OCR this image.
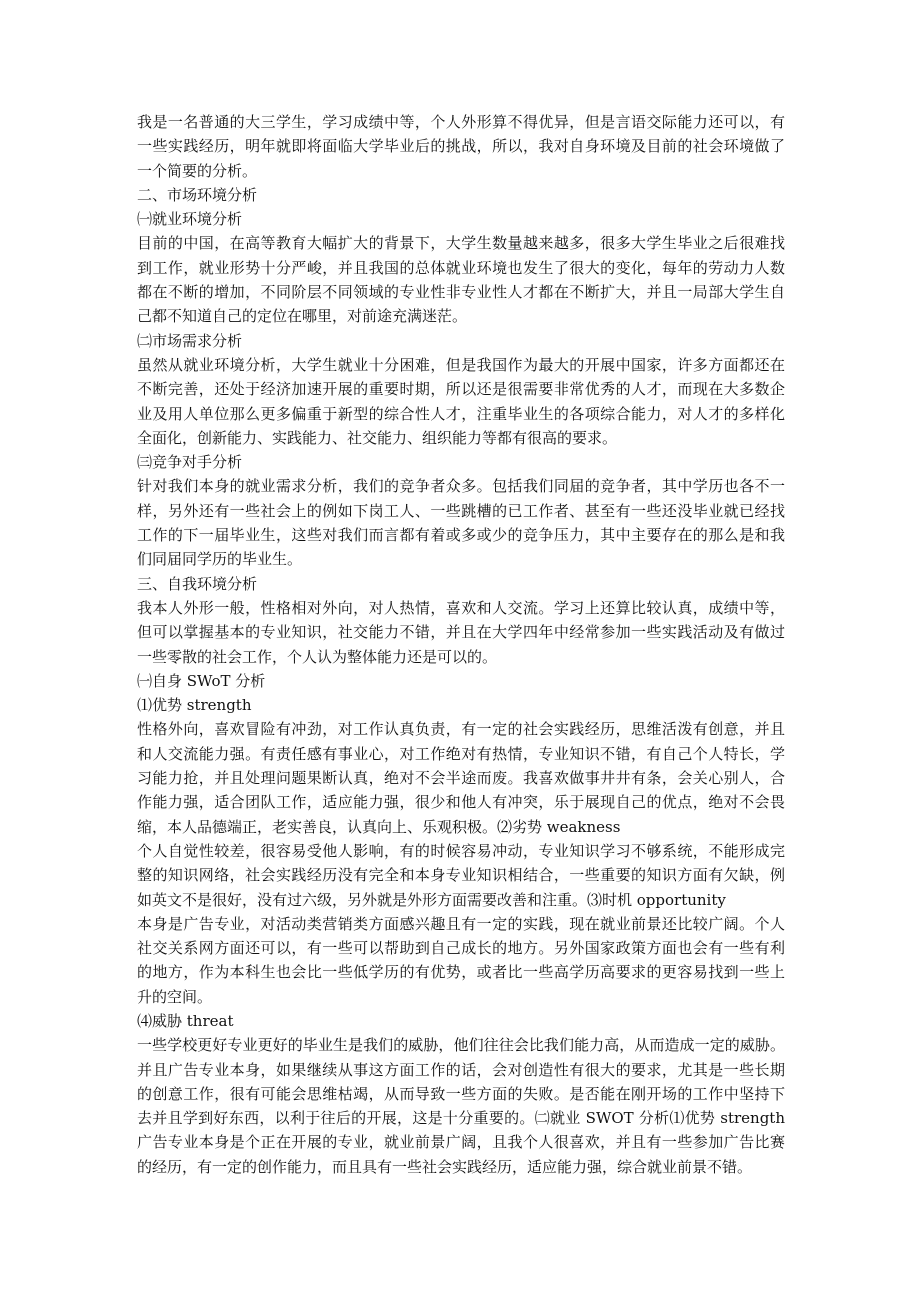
我是一名普通的大三学生，学习成绩中等，个人外形算不得优异，但是言语交际能力还可以，有
一些实践经历，明年就即将面临大学毕业后的挑战，所以，我对自身环境及目前的社会环境做了
一个简要的分析。
二、市场环境分析
㈠就业环境分析
目前的中国，在高等教育大幅扩大的背景下，大学生数量越来越多，很多大学生毕业之后很难找
到工作，就业形势十分严峻，并且我国的总体就业环境也发生了很大的变化，每年的劳动力人数
都在不断的增加，不同阶层不同领域的专业性非专业性人才都在不断扩大，并且一局部大学生自
己都不知道自己的定位在哪里，对前途充满迷茫。
㈡市场需求分析
虽然从就业环境分析，大学生就业十分困难，但是我国作为最大的开展中国家，许多方面都还在
不断完善，还处于经济加速开展的重要时期，所以还是很需要非常优秀的人才，而现在大多数企
业及用人单位那么更多偏重于新型的综合性人才，注重毕业生的各项综合能力，对人才的多样化
全面化，创新能力、实践能力、社交能力、组织能力等都有很高的要求。
㈢竞争对手分析
针对我们本身的就业需求分析，我们的竞争者众多。包括我们同届的竞争者，其中学历也各不一
样，另外还有一些社会上的例如下岗工人、一些跳槽的已工作者、甚至有一些还没毕业就已经找
工作的下一届毕业生，这些对我们而言都有着或多或少的竞争压力，其中主要存在的那么是和我
们同届同学历的毕业生。
三、自我环境分析
我本人外形一般，性格相对外向，对人热情，喜欢和人交流。学习上还算比较认真，成绩中等，
但可以掌握基本的专业知识，社交能力不错，并且在大学四年中经常参加一些实践活动及有做过
一些零散的社会工作，个人认为整体能力还是可以的。
㈠自身 SWoT 分析
⑴优势 strength
性格外向，喜欢冒险有冲劲，对工作认真负责，有一定的社会实践经历，思维活泼有创意，并且
和人交流能力强。有责任感有事业心，对工作绝对有热情，专业知识不错，有自己个人特长，学
习能力抢，并且处理问题果断认真，绝对不会半途而废。我喜欢做事井井有条，会关心别人，合
作能力强，适合团队工作，适应能力强，很少和他人有冲突，乐于展现自己的优点，绝对不会畏
缩，本人品德端正，老实善良，认真向上、乐观积极。⑵劣势 weakness
个人自觉性较差，很容易受他人影响，有的时候容易冲动，专业知识学习不够系统，不能形成完
整的知识网络，社会实践经历没有完全和本身专业知识相结合，一些重要的知识方面有欠缺，例
如英文不是很好，没有过六级，另外就是外形方面需要改善和注重。⑶时机 opportunity
本身是广告专业，对活动类营销类方面感兴趣且有一定的实践，现在就业前景还比较广阔。个人
社交关系网方面还可以，有一些可以帮助到自己成长的地方。另外国家政策方面也会有一些有利
的地方，作为本科生也会比一些低学历的有优势，或者比一些高学历高要求的更容易找到一些上
升的空间。
⑷威胁 threat
一些学校更好专业更好的毕业生是我们的威胁，他们往往会比我们能力高，从而造成一定的威胁。
并且广告专业本身，如果继续从事这方面工作的话，会对创造性有很大的要求，尤其是一些长期
的创意工作，很有可能会思维枯竭，从而导致一些方面的失败。是否能在刚开场的工作中坚持下
去并且学到好东西，以利于往后的开展，这是十分重要的。㈡就业 SWOT 分析⑴优势 strength
广告专业本身是个正在开展的专业，就业前景广阔，且我个人很喜欢，并且有一些参加广告比赛
的经历，有一定的创作能力，而且具有一些社会实践经历，适应能力强，综合就业前景不错。
